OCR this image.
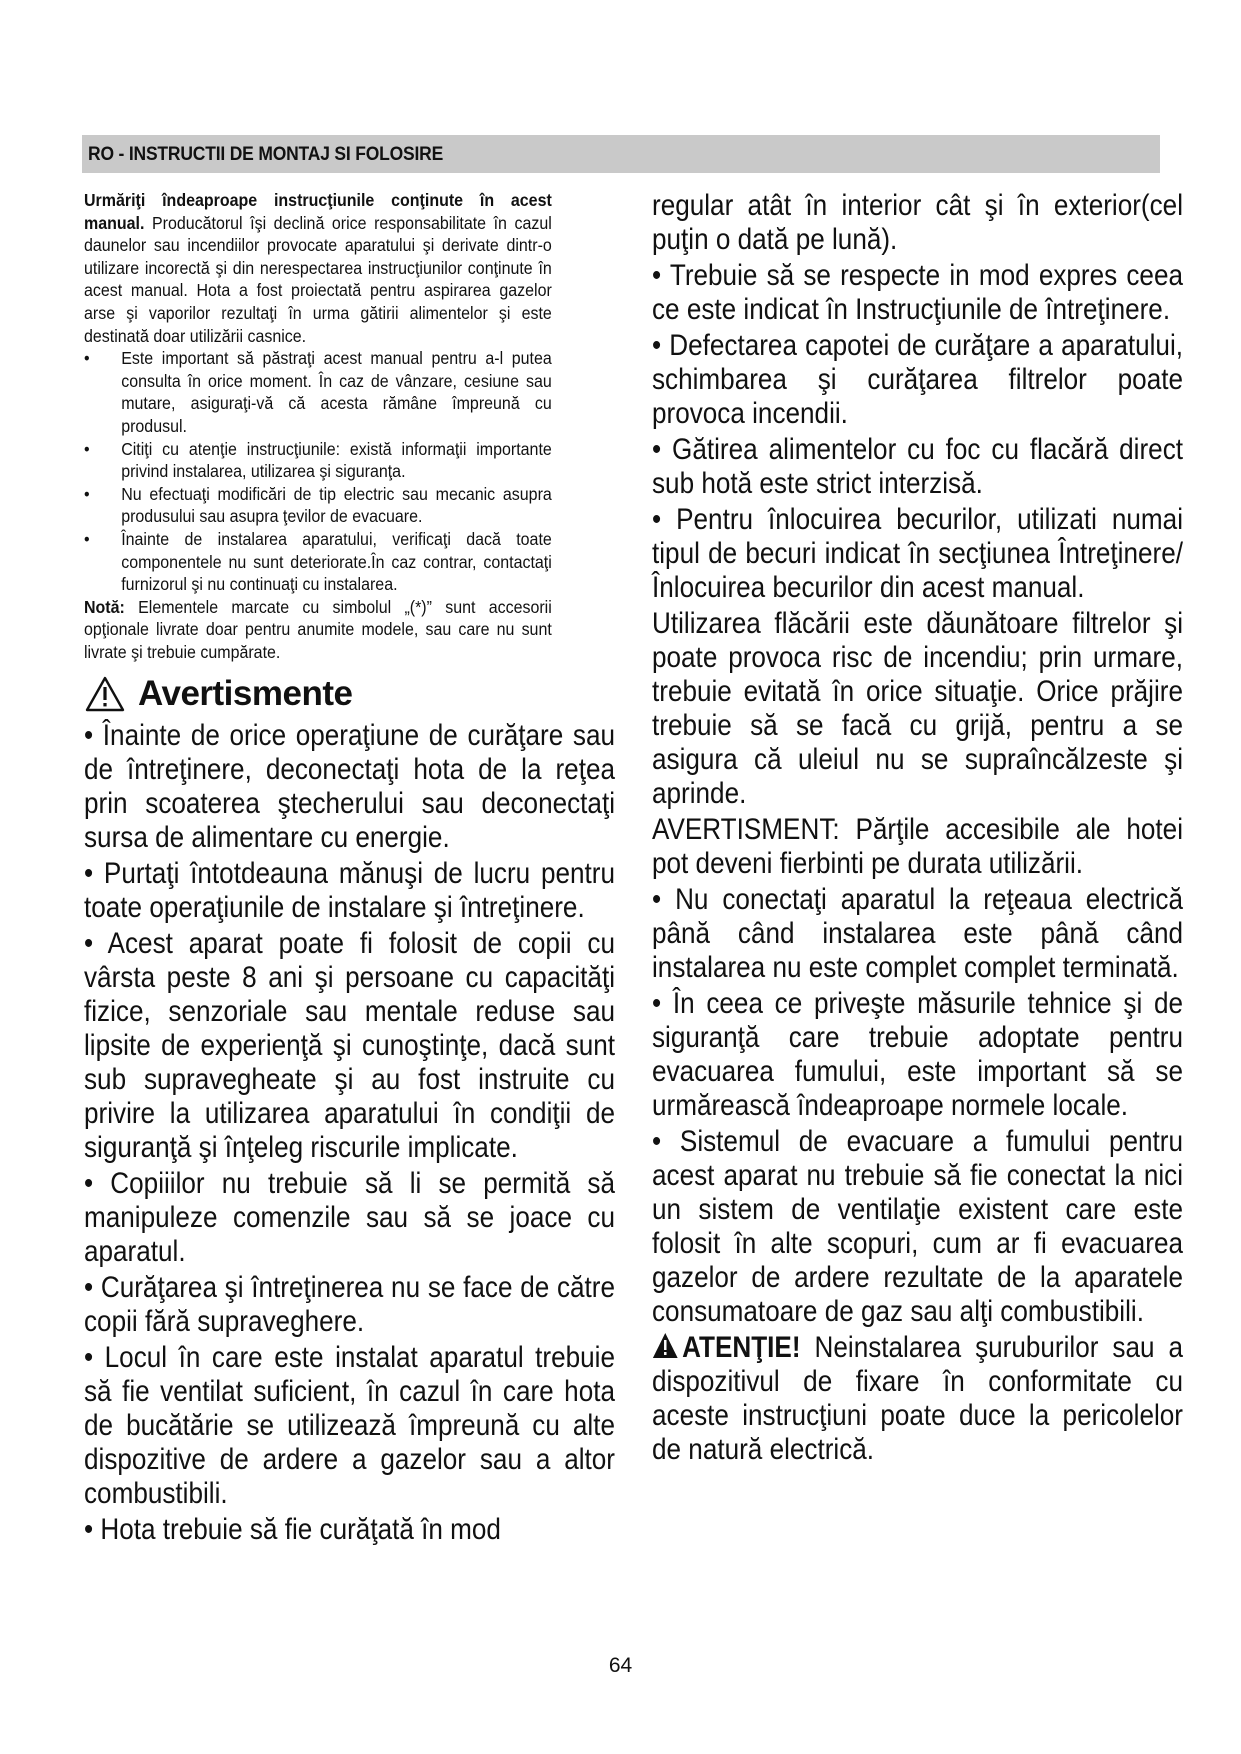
RO - INSTRUCTII DE MONTAJ SI FOLOSIRE
Urmăriţi îndeaproape instrucţiunile conţinute în acest manual. Producătorul îşi declină orice responsabilitate în cazul daunelor sau incendiilor provocate aparatului şi derivate dintr-o utilizare incorectă şi din nerespectarea instrucţiunilor conţinute în acest manual. Hota a fost proiectată pentru aspirarea gazelor arse şi vaporilor rezultaţi în urma gătirii alimentelor şi este destinată doar utilizării casnice.
• Este important să păstraţi acest manual pentru a-l putea consulta în orice moment. În caz de vânzare, cesiune sau mutare, asiguraţi-vă că acesta rămâne împreună cu produsul.
• Citiţi cu atenţie instrucţiunile: există informaţii importante privind instalarea, utilizarea şi siguranţa.
• Nu efectuaţi modificări de tip electric sau mecanic asupra produsului sau asupra ţevilor de evacuare.
• Înainte de instalarea aparatului, verificaţi dacă toate componentele nu sunt deteriorate.În caz contrar, contactaţi furnizorul şi nu continuaţi cu instalarea.
Notă: Elementele marcate cu simbolul „(*)” sunt accesorii opţionale livrate doar pentru anumite modele, sau care nu sunt livrate şi trebuie cumpărate.
Avertismente

• Înainte de orice operaţiune de curăţare sau de întreţinere, deconectaţi hota de la reţea prin scoaterea ştecherului sau deconectaţi sursa de alimentare cu energie.

• Purtaţi întotdeauna mănuşi de lucru pentru toate operaţiunile de instalare şi întreţinere.

• Acest aparat poate fi folosit de copii cu vârsta peste 8 ani şi persoane cu capacităţi fizice, senzoriale sau mentale reduse sau lipsite de experienţă şi cunoştinţe, dacă sunt sub supravegheate şi au fost instruite cu privire la utilizarea aparatului în condiţii de siguranţă şi înţeleg riscurile implicate.

• Copiiilor nu trebuie să li se permită să manipuleze comenzile sau să se joace cu aparatul.

• Curăţarea şi întreţinerea nu se face de către copii fără supraveghere.

• Locul în care este instalat aparatul trebuie să fie ventilat suficient, în cazul în care hota de bucătărie se utilizează împreună cu alte dispozitive de ardere a gazelor sau a altor combustibili.

• Hota trebuie să fie curăţată în mod

regular atât în interior cât şi în exterior(cel puţin o dată pe lună).

• Trebuie să se respecte in mod expres ceea ce este indicat în Instrucţiunile de întreţinere.

• Defectarea capotei de curăţare a aparatului, schimbarea şi curăţarea filtrelor poate provoca incendii.

• Gătirea alimentelor cu foc cu flacără direct sub hotă este strict interzisă.

• Pentru înlocuirea becurilor, utilizati numai tipul de becuri indicat în secţiunea Întreţinere/Înlocuirea becurilor din acest manual.

Utilizarea flăcării este dăunătoare filtrelor şi poate provoca risc de incendiu; prin urmare, trebuie evitată în orice situaţie. Orice prăjire trebuie să se facă cu grijă, pentru a se asigura că uleiul nu se supraîncălzeste şi aprinde.

AVERTISMENT: Părţile accesibile ale hotei pot deveni fierbinti pe durata utilizării.

• Nu conectaţi aparatul la reţeaua electrică până când instalarea este până când instalarea nu este complet complet terminată.

• În ceea ce priveşte măsurile tehnice şi de siguranţă care trebuie adoptate pentru evacuarea fumului, este important să se urmărească îndeaproape normele locale.

• Sistemul de evacuare a fumului pentru acest aparat nu trebuie să fie conectat la nici un sistem de ventilaţie existent care este folosit în alte scopuri, cum ar fi evacuarea gazelor de ardere rezultate de la aparatele consumatoare de gaz sau alţi combustibili.

ATENŢIE! Neinstalarea şuruburilor sau a dispozitivul de fixare în conformitate cu aceste instrucţiuni poate duce la pericolelor de natură electrică.

64
